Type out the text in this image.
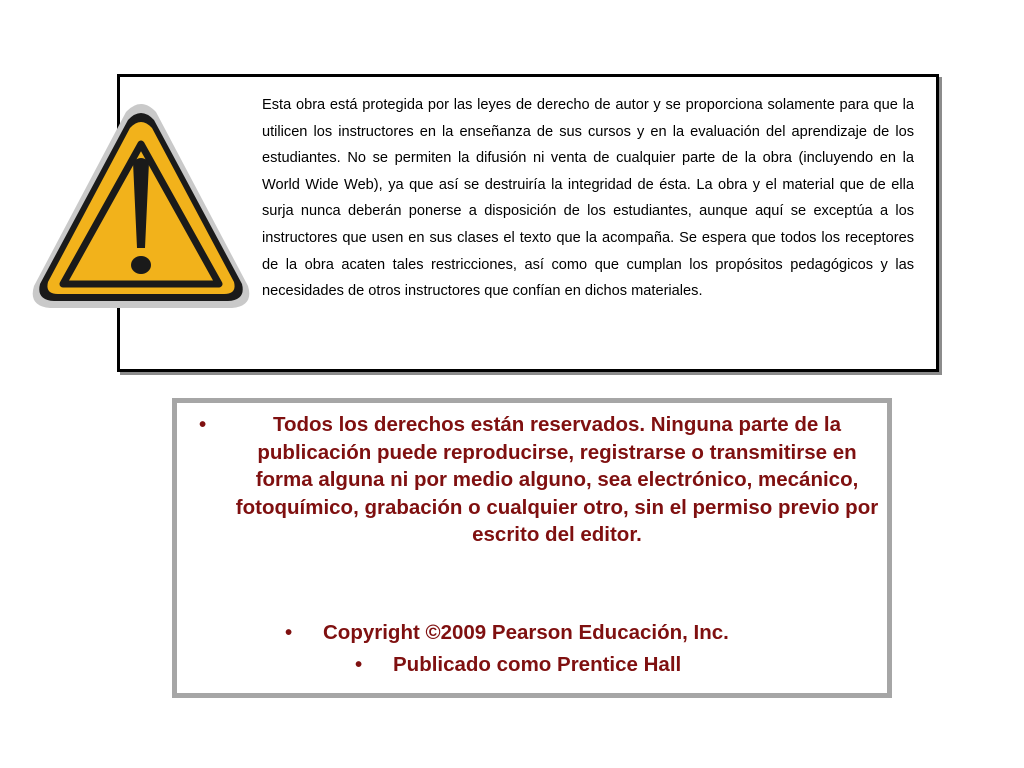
Esta obra está protegida por las leyes de derecho de autor y se proporciona solamente para que la utilicen los instructores en la enseñanza de sus cursos y en la evaluación del aprendizaje de los estudiantes. No se permiten la difusión ni venta de cualquier parte de la obra (incluyendo en la World Wide Web), ya que así se destruiría la integridad de ésta. La obra y el material que de ella surja nunca deberán ponerse a disposición de los estudiantes, aunque aquí se exceptúa a los instructores que usen en sus clases el texto que la acompaña. Se espera que todos los receptores de la obra acaten tales restricciones, así como que cumplan los propósitos pedagógicos y las necesidades de otros instructores que confían en dichos materiales.

•	Todos los derechos están reservados. Ninguna parte de la publicación puede reproducirse, registrarse o transmitirse en forma alguna ni por medio alguno, sea electrónico, mecánico, fotoquímico, grabación o cualquier otro, sin el permiso previo por escrito del editor.
• Copyright ©2009 Pearson Educación, Inc.
• Publicado como Prentice Hall
